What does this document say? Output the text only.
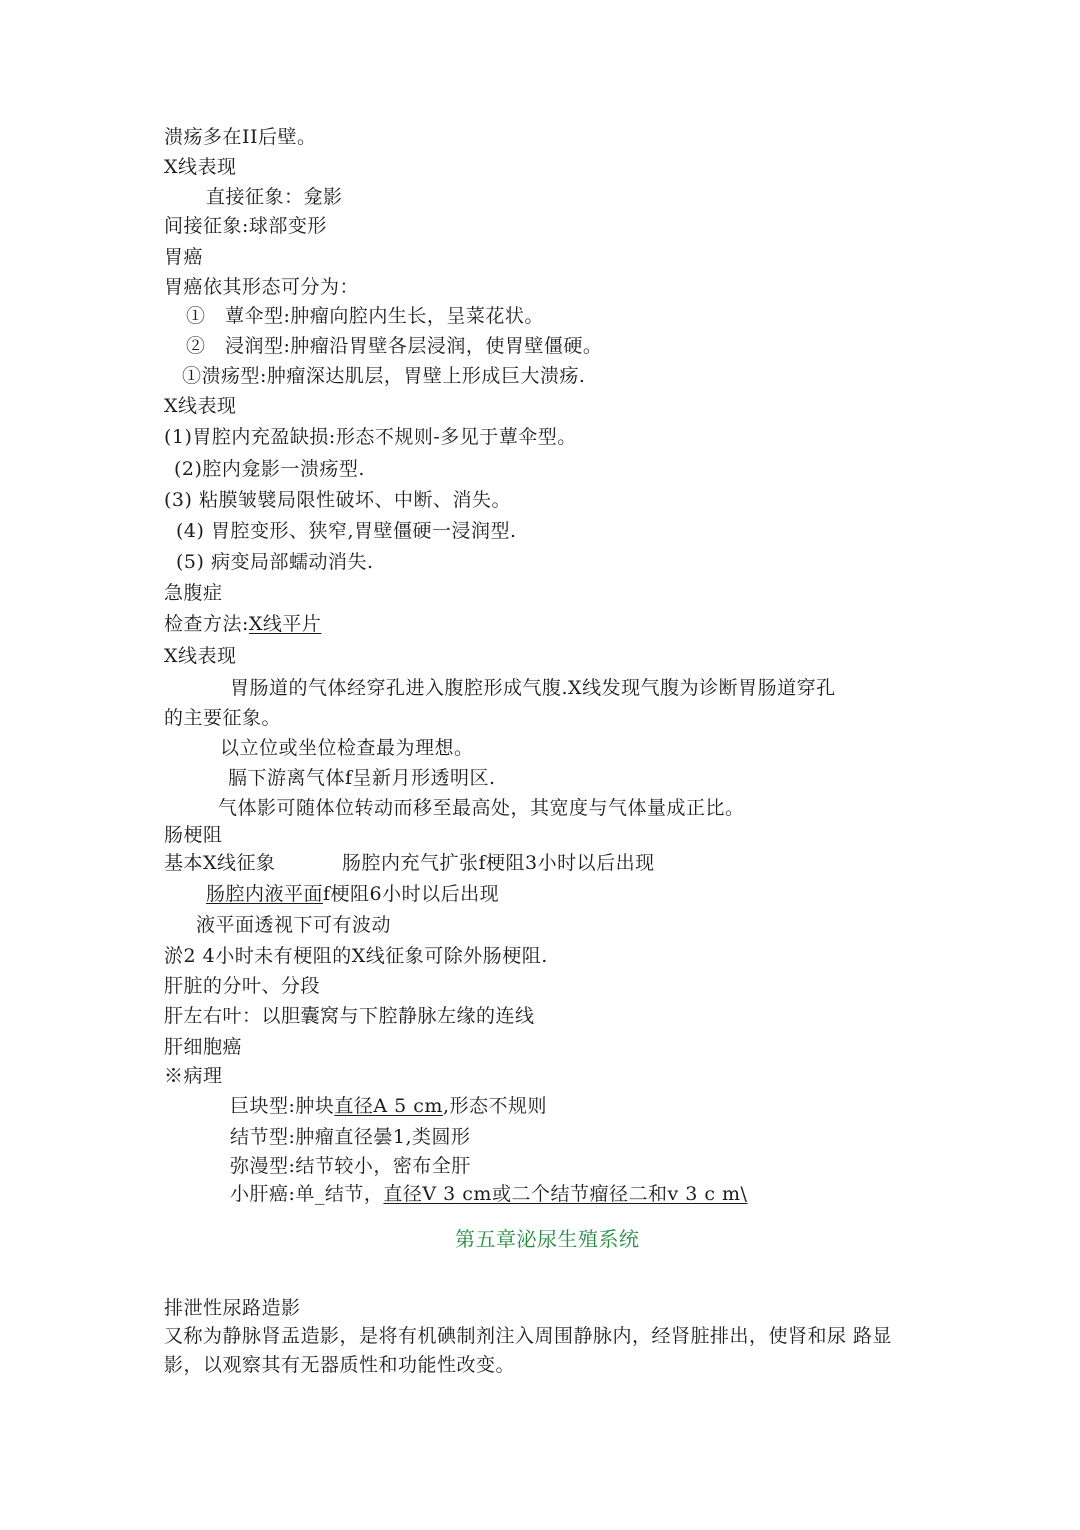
溃疡多在II后壁。
X线表现
直接征象：龛影
间接征象:球部变形
胃癌
胃癌依其形态可分为：
①　蕈伞型:肿瘤向腔内生长，呈菜花状。
②　浸润型:肿瘤沿胃壁各层浸润，使胃壁僵硬。
①溃疡型:肿瘤深达肌层，胃壁上形成巨大溃疡.
X线表现
(1)胃腔内充盈缺损:形态不规则-多见于蕈伞型。
(2)腔内龛影一溃疡型.
(3) 粘膜皱襞局限性破坏、中断、消失。
(4) 胃腔变形、狭窄,胃壁僵硬一浸润型.
(5) 病变局部蠕动消失.
急腹症
检查方法:X线平片
X线表现
胃肠道的气体经穿孔进入腹腔形成气腹.X线发现气腹为诊断胃肠道穿孔
的主要征象。
以立位或坐位检查最为理想。
膈下游离气体f呈新月形透明区.
气体影可随体位转动而移至最高处，其宽度与气体量成正比。
肠梗阻
基本X线征象	肠腔内充气扩张f梗阻3小时以后出现
肠腔内液平面f梗阻6小时以后出现
液平面透视下可有波动
淤2 4小时未有梗阻的X线征象可除外肠梗阻.
肝脏的分叶、分段
肝左右叶：以胆囊窝与下腔静脉左缘的连线
肝细胞癌
※病理
巨块型:肿块直径A 5 cm,形态不规则
结节型:肿瘤直径曇1,类圆形
弥漫型:结节较小，密布全肝
小肝癌:单_结节，直径V 3 cm或二个结节瘤径二和v 3 c m\
第五章泌尿生殖系统
排泄性尿路造影
又称为静脉肾盂造影，是将有机碘制剂注入周围静脉内，经肾脏排出，使肾和尿 路显
影，以观察其有无器质性和功能性改变。
